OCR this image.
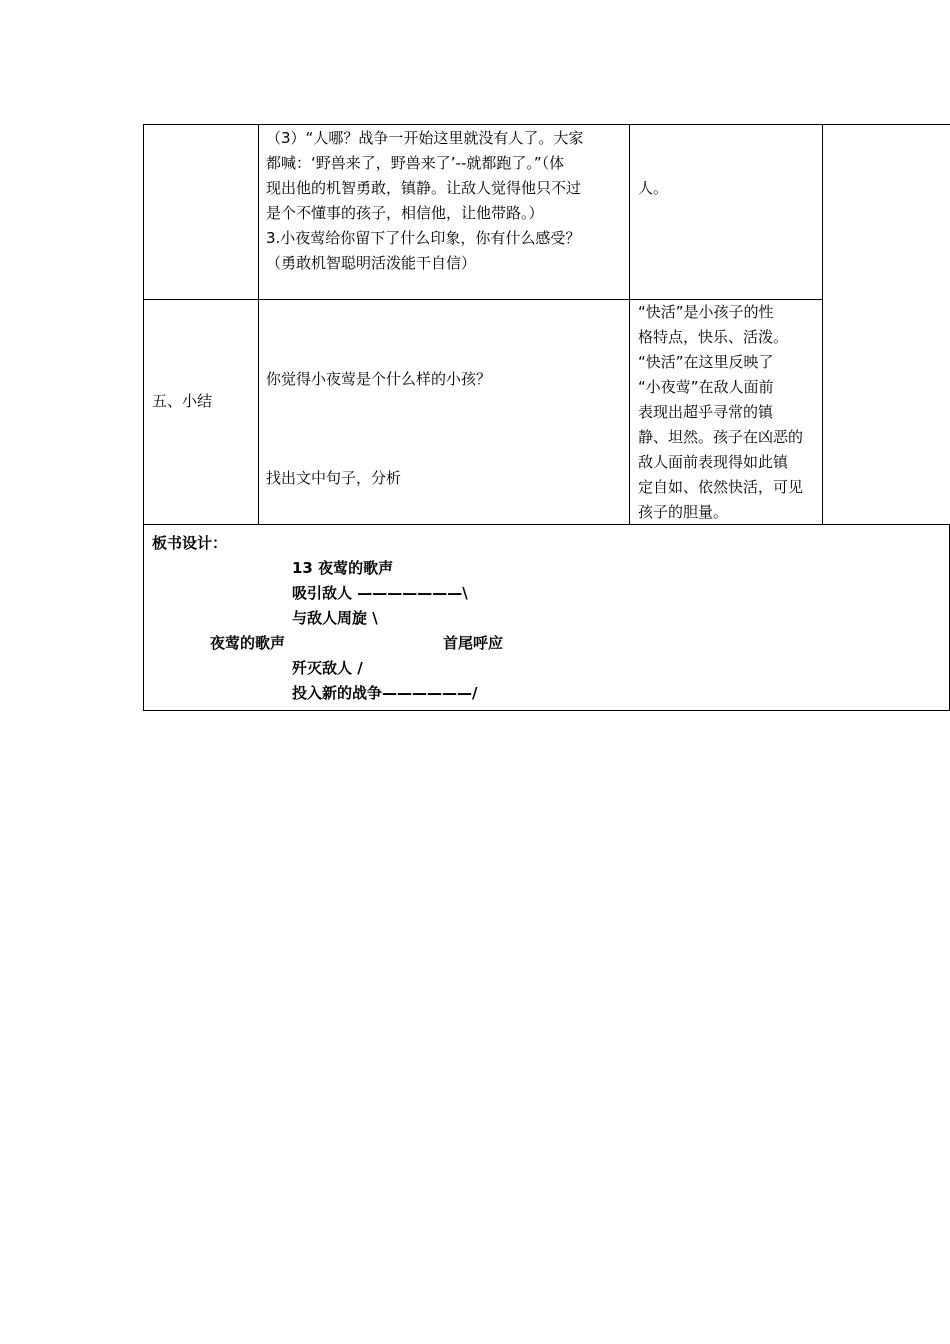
（3）“人哪？战争一开始这里就没有人了。大家
都喊：‘野兽来了，野兽来了’--就都跑了。”（体
现出他的机智勇敢，镇静。让敌人觉得他只不过
是个不懂事的孩子，相信他，让他带路。）
3.小夜莺给你留下了什么印象，你有什么感受？
（勇敢机智聪明活泼能干自信）
人。
五、小结
你觉得小夜莺是个什么样的小孩？
找出文中句子，分析
“快活”是小孩子的性
格特点，快乐、活泼。
“快活”在这里反映了
“小夜莺”在敌人面前
表现出超乎寻常的镇
静、坦然。孩子在凶恶的
敌人面前表现得如此镇
定自如、依然快活，可见
孩子的胆量。
板书设计：
13 夜莺的歌声
吸引敌人 ———————\
与敌人周旋 \
夜莺的歌声	首尾呼应
歼灭敌人 /
投入新的战争——————/
